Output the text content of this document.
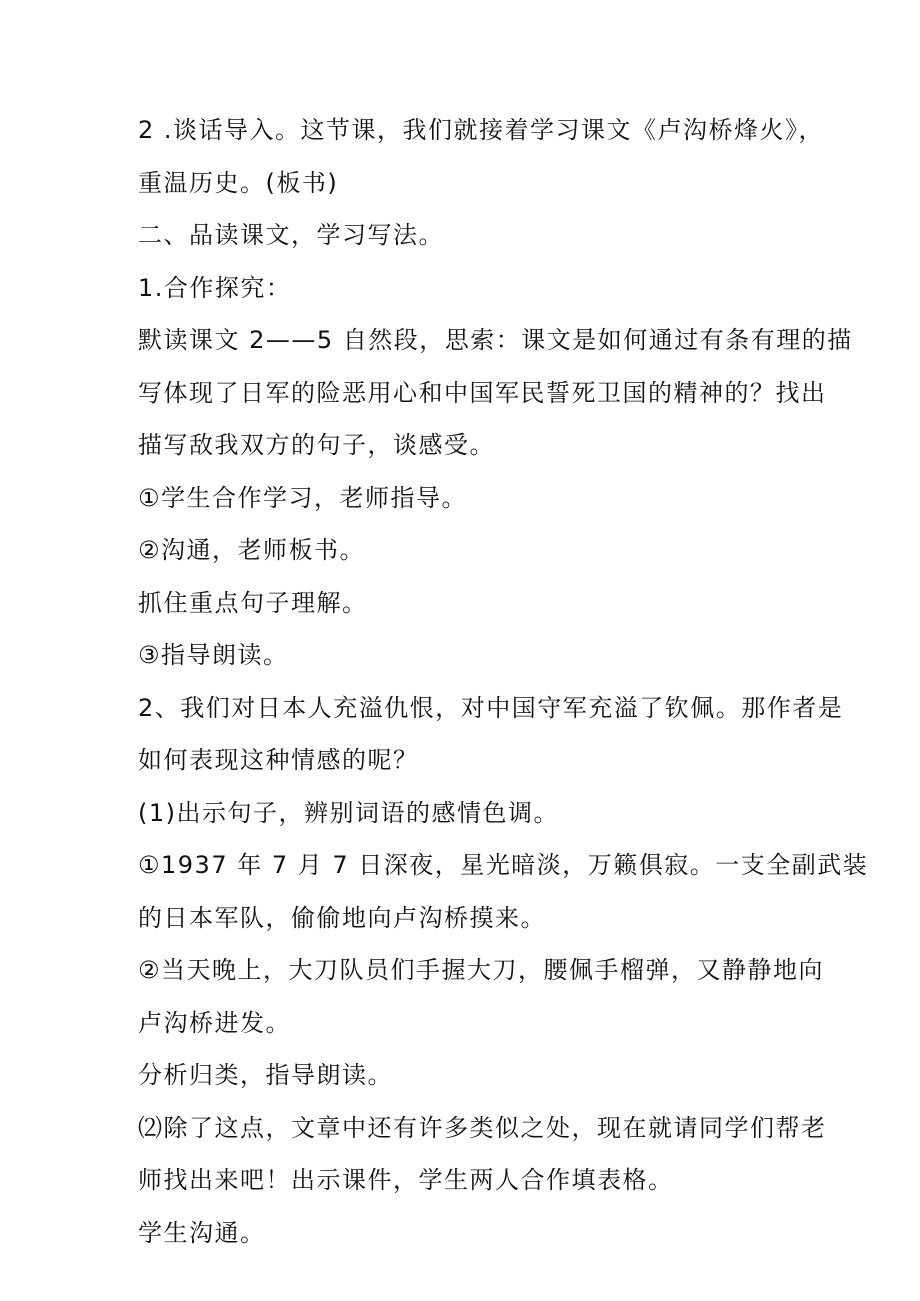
2 .谈话导入。这节课，我们就接着学习课文《卢沟桥烽火》，
重温历史。(板书)
二、品读课文，学习写法。
1.合作探究：
默读课文 2——5 自然段，思索：课文是如何通过有条有理的描
写体现了日军的险恶用心和中国军民誓死卫国的精神的？找出
描写敌我双方的句子，谈感受。
①学生合作学习，老师指导。
②沟通，老师板书。
抓住重点句子理解。
③指导朗读。
2、我们对日本人充溢仇恨，对中国守军充溢了钦佩。那作者是
如何表现这种情感的呢？
(1)出示句子，辨别词语的感情色调。
①1937 年 7 月 7 日深夜，星光暗淡，万籁俱寂。一支全副武装
的日本军队，偷偷地向卢沟桥摸来。
②当天晚上，大刀队员们手握大刀，腰佩手榴弹，又静静地向
卢沟桥进发。
分析归类，指导朗读。
⑵除了这点，文章中还有许多类似之处，现在就请同学们帮老
师找出来吧！出示课件，学生两人合作填表格。
学生沟通。
